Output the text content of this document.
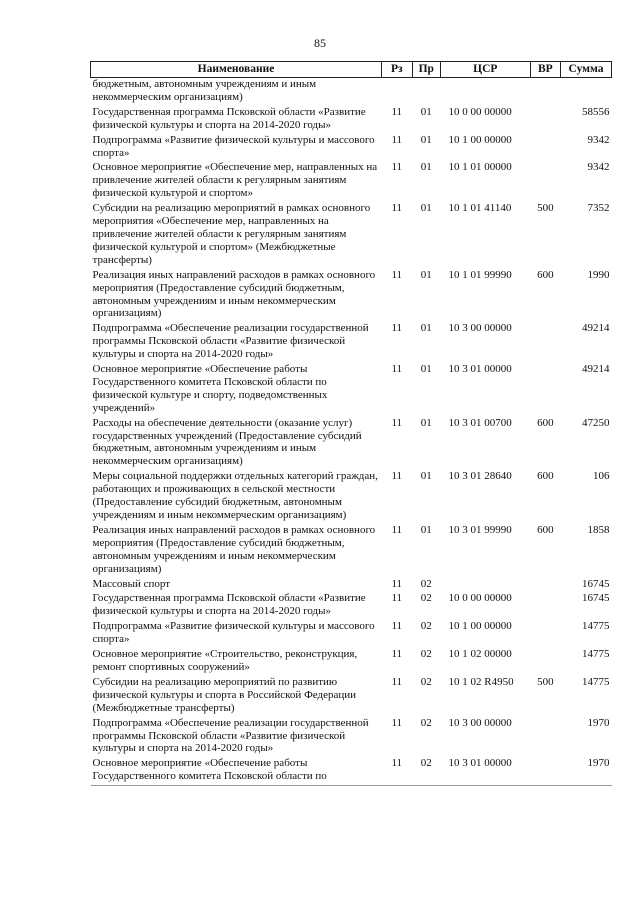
85
Наименование	Рз	Пр	ЦСР	ВР	Сумма
бюджетным, автономным учреждениям и иным некоммерческим организациям)					
Государственная программа Псковской области «Развитие физической культуры и спорта на 2014-2020 годы»	11	01	10 0 00 00000		58556
Подпрограмма «Развитие физической культуры и массового спорта»	11	01	10 1 00 00000		9342
Основное мероприятие «Обеспечение мер, направленных на привлечение жителей области к регулярным занятиям физической культурой и спортом»	11	01	10 1 01 00000		9342
Субсидии на реализацию мероприятий в рамках основного мероприятия «Обеспечение мер, направленных на привлечение жителей области к регулярным занятиям физической культурой и спортом» (Межбюджетные трансферты)	11	01	10 1 01 41140	500	7352
Реализация иных направлений расходов в рамках основного мероприятия (Предоставление субсидий бюджетным, автономным учреждениям и иным некоммерческим организациям)	11	01	10 1 01 99990	600	1990
Подпрограмма «Обеспечение реализации государственной программы Псковской области «Развитие физической культуры и спорта на 2014-2020 годы»	11	01	10 3 00 00000		49214
Основное мероприятие «Обеспечение работы Государственного комитета Псковской области по физической культуре и спорту, подведомственных учреждений»	11	01	10 3 01 00000		49214
Расходы на обеспечение деятельности (оказание услуг) государственных учреждений (Предоставление субсидий бюджетным, автономным учреждениям и иным некоммерческим организациям)	11	01	10 3 01 00700	600	47250
Меры социальной поддержки отдельных категорий граждан, работающих и проживающих в сельской местности (Предоставление субсидий бюджетным, автономным учреждениям и иным некоммерческим организациям)	11	01	10 3 01 28640	600	106
Реализация иных направлений расходов в рамках основного мероприятия (Предоставление субсидий бюджетным, автономным учреждениям и иным некоммерческим организациям)	11	01	10 3 01 99990	600	1858
Массовый спорт	11	02			16745
Государственная программа Псковской области «Развитие физической культуры и спорта на 2014-2020 годы»	11	02	10 0 00 00000		16745
Подпрограмма «Развитие физической культуры и массового спорта»	11	02	10 1 00 00000		14775
Основное мероприятие «Строительство, реконструкция, ремонт спортивных сооружений»	11	02	10 1 02 00000		14775
Субсидии на реализацию мероприятий по развитию физической культуры и спорта в Российской Федерации (Межбюджетные трансферты)	11	02	10 1 02 R4950	500	14775
Подпрограмма «Обеспечение реализации государственной программы Псковской области «Развитие физической культуры и спорта на 2014-2020 годы»	11	02	10 3 00 00000		1970
Основное мероприятие «Обеспечение работы Государственного комитета Псковской области по	11	02	10 3 01 00000		1970
